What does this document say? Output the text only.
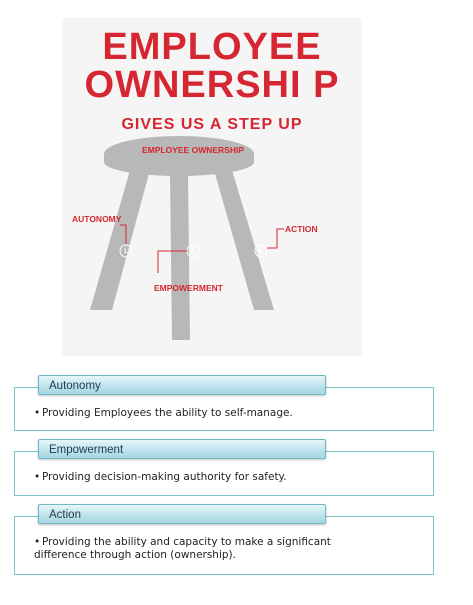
EMPLOYEE
OWNERSHI P
GIVES US A STEP UP
EMPLOYEE OWNERSHIP
AUTONOMY
1.	2.
EMPOWERMENT
3.
ACTION
Autonomy
• Providing Employees the ability to self-manage.
Empowerment
• Providing decision-making authority for safety.
Action
• Providing the ability and capacity to make a significant difference through action (ownership).
